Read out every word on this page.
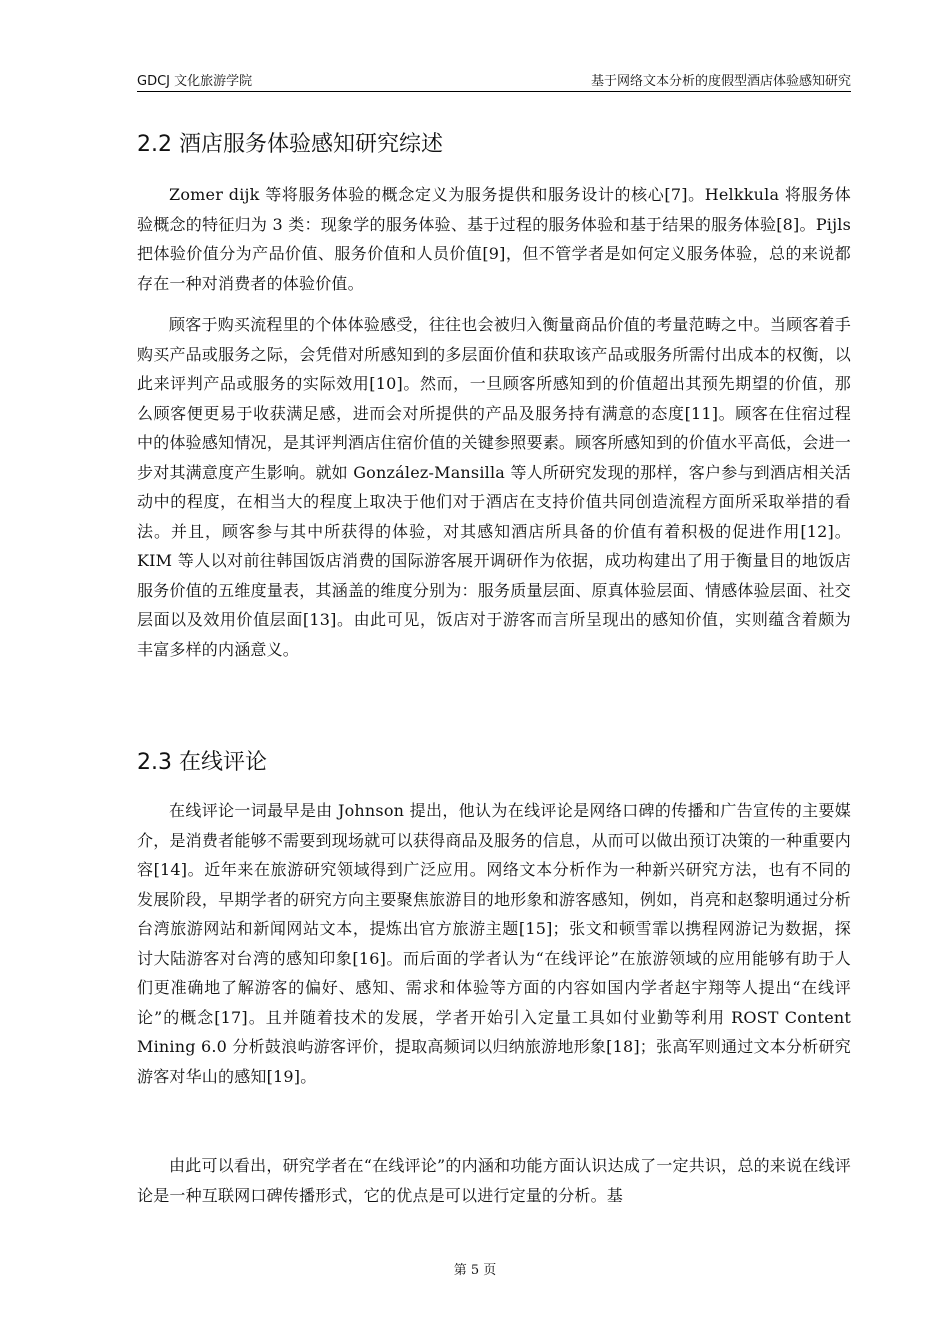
GDCJ 文化旅游学院	基于网络文本分析的度假型酒店体验感知研究
2.2 酒店服务体验感知研究综述

Zomer dijk 等将服务体验的概念定义为服务提供和服务设计的核心[7]。Helkkula 将服务体验概念的特征归为 3 类：现象学的服务体验、基于过程的服务体验和基于结果的服务体验[8]。Pijls 把体验价值分为产品价值、服务价值和人员价值[9]，但不管学者是如何定义服务体验，总的来说都存在一种对消费者的体验价值。

顾客于购买流程里的个体体验感受，往往也会被归入衡量商品价值的考量范畴之中。当顾客着手购买产品或服务之际，会凭借对所感知到的多层面价值和获取该产品或服务所需付出成本的权衡，以此来评判产品或服务的实际效用[10]。然而，一旦顾客所感知到的价值超出其预先期望的价值，那么顾客便更易于收获满足感，进而会对所提供的产品及服务持有满意的态度[11]。顾客在住宿过程中的体验感知情况，是其评判酒店住宿价值的关键参照要素。顾客所感知到的价值水平高低，会进一步对其满意度产生影响。就如 González-Mansilla 等人所研究发现的那样，客户参与到酒店相关活动中的程度，在相当大的程度上取决于他们对于酒店在支持价值共同创造流程方面所采取举措的看法。并且，顾客参与其中所获得的体验，对其感知酒店所具备的价值有着积极的促进作用[12]。KIM 等人以对前往韩国饭店消费的国际游客展开调研作为依据，成功构建出了用于衡量目的地饭店服务价值的五维度量表，其涵盖的维度分别为：服务质量层面、原真体验层面、情感体验层面、社交层面以及效用价值层面[13]。由此可见，饭店对于游客而言所呈现出的感知价值，实则蕴含着颇为丰富多样的内涵意义。

2.3 在线评论

在线评论一词最早是由 Johnson 提出，他认为在线评论是网络口碑的传播和广告宣传的主要媒介，是消费者能够不需要到现场就可以获得商品及服务的信息，从而可以做出预订决策的一种重要内容[14]。近年来在旅游研究领域得到广泛应用。网络文本分析作为一种新兴研究方法，也有不同的发展阶段，早期学者的研究方向主要聚焦旅游目的地形象和游客感知，例如，肖亮和赵黎明通过分析台湾旅游网站和新闻网站文本，提炼出官方旅游主题[15]；张文和顿雪霏以携程网游记为数据，探讨大陆游客对台湾的感知印象[16]。而后面的学者认为“在线评论”在旅游领域的应用能够有助于人们更准确地了解游客的偏好、感知、需求和体验等方面的内容如国内学者赵宇翔等人提出“在线评论”的概念[17]。且并随着技术的发展，学者开始引入定量工具如付业勤等利用 ROST Content Mining 6.0 分析鼓浪屿游客评价，提取高频词以归纳旅游地形象[18]；张高军则通过文本分析研究游客对华山的感知[19]。

由此可以看出，研究学者在“在线评论”的内涵和功能方面认识达成了一定共识，总的来说在线评论是一种互联网口碑传播形式，它的优点是可以进行定量的分析。基

第 5 页
